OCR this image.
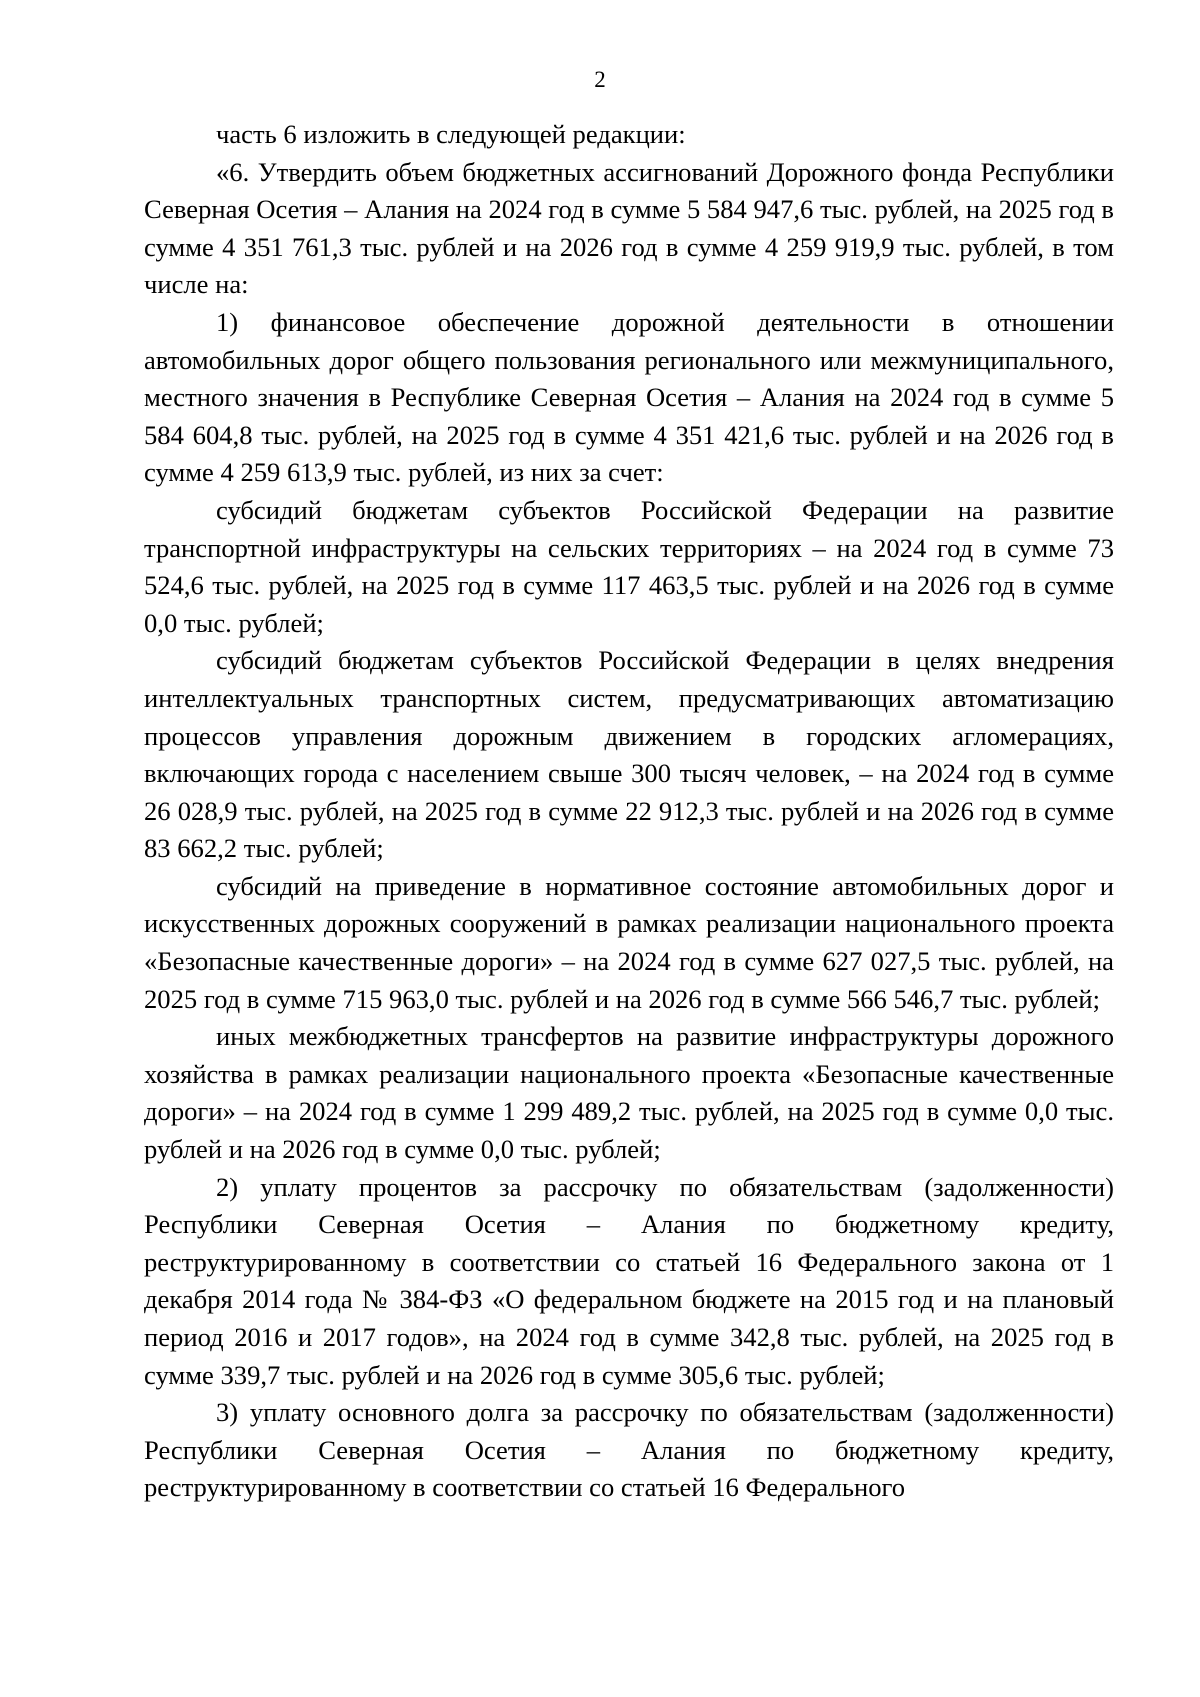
2

часть 6 изложить в следующей редакции:

«6. Утвердить объем бюджетных ассигнований Дорожного фонда Республики Северная Осетия – Алания на 2024 год в сумме 5 584 947,6 тыс. рублей, на 2025 год в сумме 4 351 761,3 тыс. рублей и на 2026 год в сумме 4 259 919,9 тыс. рублей, в том числе на:

1) финансовое обеспечение дорожной деятельности в отношении автомобильных дорог общего пользования регионального или межмуниципального, местного значения в Республике Северная Осетия – Алания на 2024 год в сумме 5 584 604,8 тыс. рублей, на 2025 год в сумме 4 351 421,6 тыс. рублей и на 2026 год в сумме 4 259 613,9 тыс. рублей, из них за счет:

субсидий бюджетам субъектов Российской Федерации на развитие транспортной инфраструктуры на сельских территориях – на 2024 год в сумме 73 524,6 тыс. рублей, на 2025 год в сумме 117 463,5 тыс. рублей и на 2026 год в сумме 0,0 тыс. рублей;

субсидий бюджетам субъектов Российской Федерации в целях внедрения интеллектуальных транспортных систем, предусматривающих автоматизацию процессов управления дорожным движением в городских агломерациях, включающих города с населением свыше 300 тысяч человек, – на 2024 год в сумме 26 028,9 тыс. рублей, на 2025 год в сумме 22 912,3 тыс. рублей и на 2026 год в сумме 83 662,2 тыс. рублей;

субсидий на приведение в нормативное состояние автомобильных дорог и искусственных дорожных сооружений в рамках реализации национального проекта «Безопасные качественные дороги» – на 2024 год в сумме 627 027,5 тыс. рублей, на 2025 год в сумме 715 963,0 тыс. рублей и на 2026 год в сумме 566 546,7 тыс. рублей;

иных межбюджетных трансфертов на развитие инфраструктуры дорожного хозяйства в рамках реализации национального проекта «Безопасные качественные дороги» – на 2024 год в сумме 1 299 489,2 тыс. рублей, на 2025 год в сумме 0,0 тыс. рублей и на 2026 год в сумме 0,0 тыс. рублей;

2) уплату процентов за рассрочку по обязательствам (задолженности) Республики Северная Осетия – Алания по бюджетному кредиту, реструктурированному в соответствии со статьей 16 Федерального закона от 1 декабря 2014 года № 384-ФЗ «О федеральном бюджете на 2015 год и на плановый период 2016 и 2017 годов», на 2024 год в сумме 342,8 тыс. рублей, на 2025 год в сумме 339,7 тыс. рублей и на 2026 год в сумме 305,6 тыс. рублей;

3) уплату основного долга за рассрочку по обязательствам (задолженности) Республики Северная Осетия – Алания по бюджетному кредиту, реструктурированному в соответствии со статьей 16 Федерального
